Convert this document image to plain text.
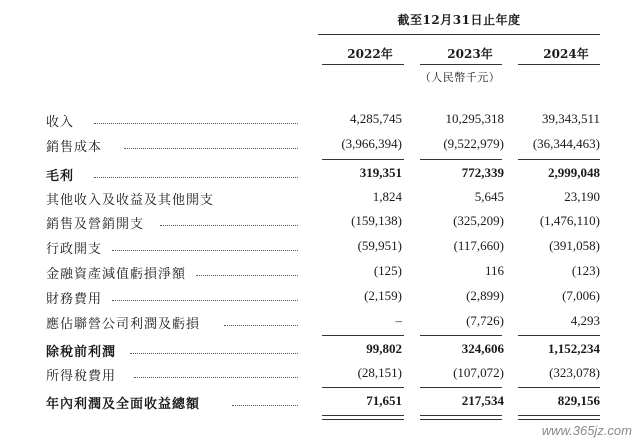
截至12月31日止年度
2022年	2023年	2024年
（人民幣千元）
收入	4,285,745	10,295,318	39,343,511
銷售成本	(3,966,394)	(9,522,979) (36,344,463)
毛利	319,351	772,339	2,999,048
其他收入及收益及其他開支	1,824	5,645	23,190
銷售及營銷開支	(159,138)	(325,209)	(1,476,110)
行政開支	(59,951)	(117,660)	(391,058)
金融資產減值虧損淨額	(125)	116	(123)
財務費用	(2,159)	(2,899)	(7,006)
應佔聯營公司利潤及虧損	–	(7,726)	4,293
除稅前利潤	99,802	324,606	1,152,234
所得稅費用	(28,151)	(107,072)	(323,078)
年內利潤及全面收益總額	71,651	217,534	829,156
www.365jz.com
